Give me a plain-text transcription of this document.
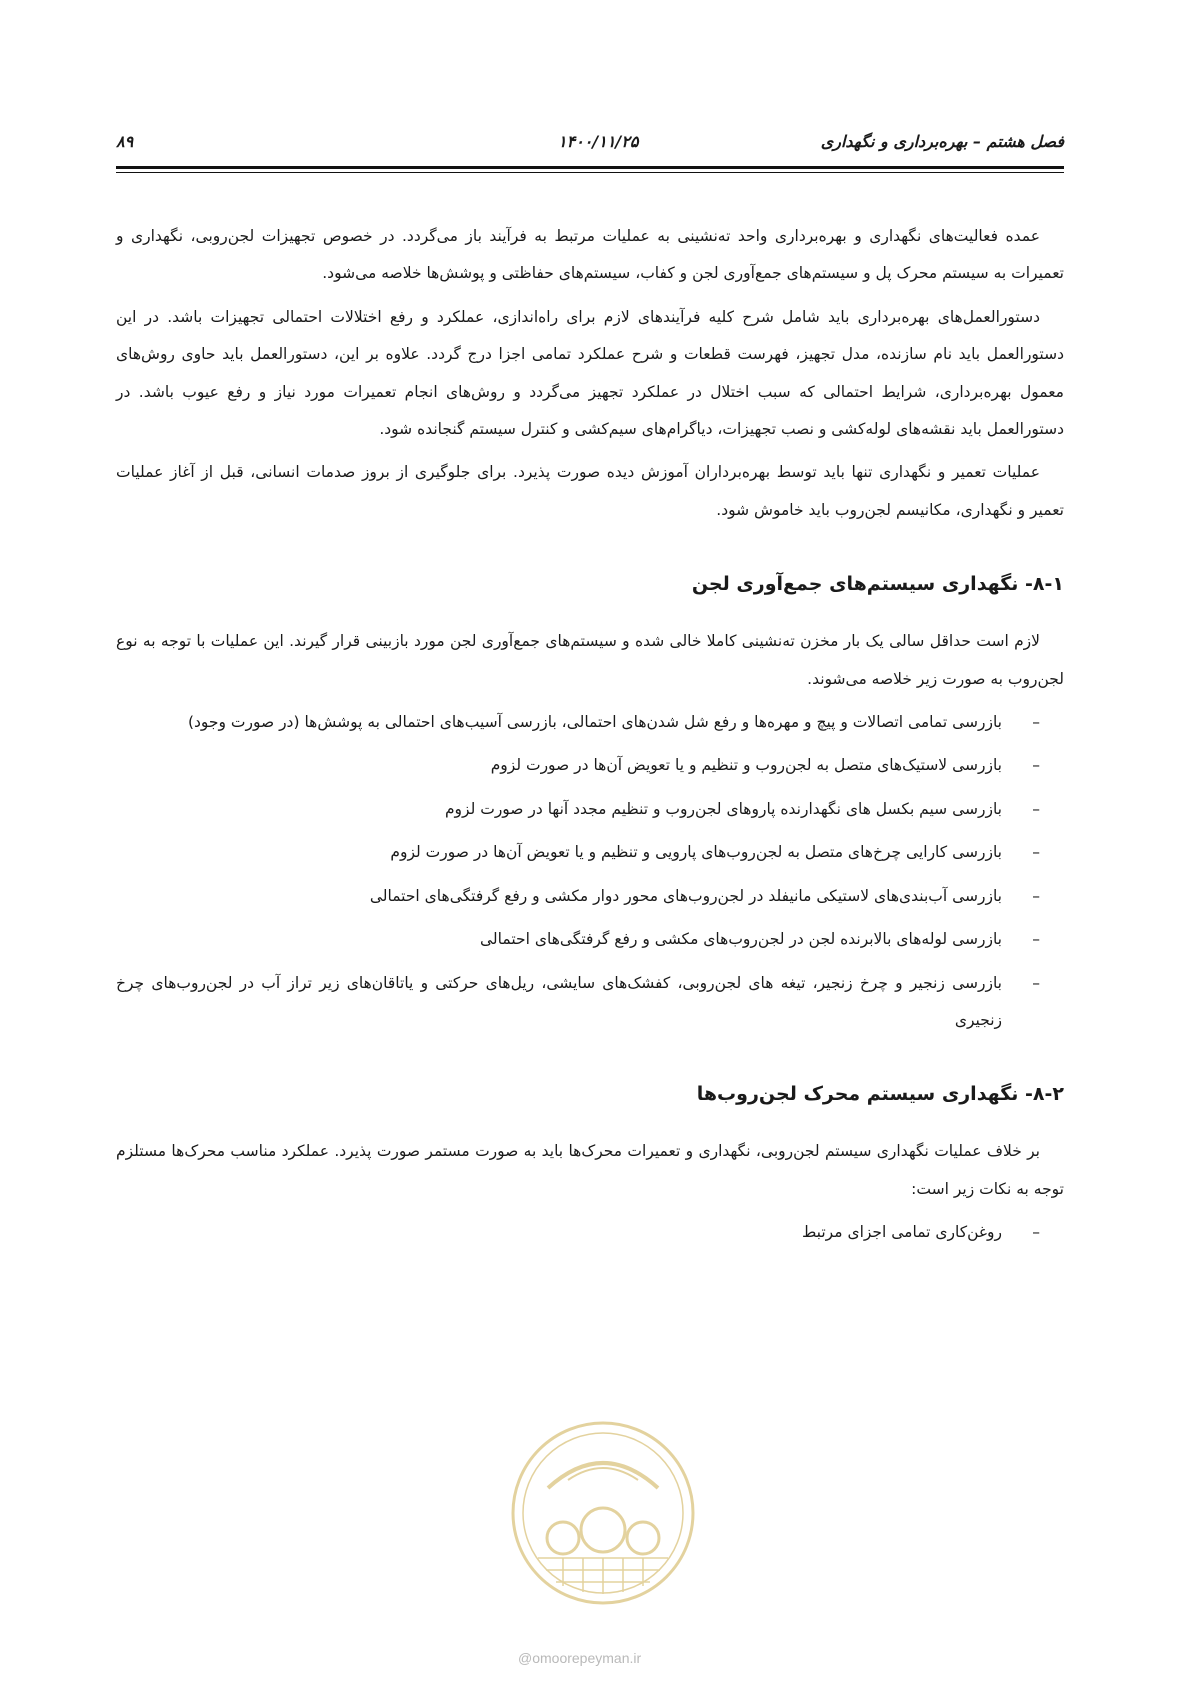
فصل هشتم – بهره‌برداری و نگهداری
۱۴۰۰/۱۱/۲۵
۸۹

عمده فعالیت‌های نگهداری و بهره‌برداری واحد ته‌نشینی به عملیات مرتبط به فرآیند باز می‌گردد. در خصوص تجهیزات لجن‌روبی، نگهداری و تعمیرات به سیستم محرک پل و سیستم‌های جمع‌آوری لجن و کفاب، سیستم‌های حفاظتی و پوشش‌ها خلاصه می‌شود.

دستورالعمل‌های بهره‌برداری باید شامل شرح کلیه فرآیندهای لازم برای راه‌اندازی، عملکرد و رفع اختلالات احتمالی تجهیزات باشد. در این دستورالعمل باید نام سازنده، مدل تجهیز، فهرست قطعات و شرح عملکرد تمامی اجزا درج گردد. علاوه بر این، دستورالعمل باید حاوی روش‌های معمول بهره‌برداری، شرایط احتمالی که سبب اختلال در عملکرد تجهیز می‌گردد و روش‌های انجام تعمیرات مورد نیاز و رفع عیوب باشد. در دستورالعمل باید نقشه‌های لوله‌کشی و نصب تجهیزات، دیاگرام‌های سیم‌کشی و کنترل سیستم گنجانده شود.

عملیات تعمیر و نگهداری تنها باید توسط بهره‌برداران آموزش دیده صورت پذیرد. برای جلوگیری از بروز صدمات انسانی، قبل از آغاز عملیات تعمیر و نگهداری، مکانیسم لجن‌روب باید خاموش شود.

۸-۱- نگهداری سیستم‌های جمع‌آوری لجن

لازم است حداقل سالی یک بار مخزن ته‌نشینی کاملا خالی شده و سیستم‌های جمع‌آوری لجن مورد بازبینی قرار گیرند. این عملیات با توجه به نوع لجن‌روب به صورت زیر خلاصه می‌شوند.

–
بازرسی تمامی اتصالات و پیچ و مهره‌ها و رفع شل شدن‌های احتمالی، بازرسی آسیب‌های احتمالی به پوشش‌ها (در صورت وجود)
–
بازرسی لاستیک‌های متصل به لجن‌روب و تنظیم و یا تعویض آن‌ها در صورت لزوم
–
بازرسی سیم بکسل های نگهدارنده پاروهای لجن‌روب و تنظیم مجدد آنها در صورت لزوم
–
بازرسی کارایی چرخ‌های متصل به لجن‌روب‌های پارویی و تنظیم و یا تعویض آن‌ها در صورت لزوم
–
بازرسی آب‌بندی‌های لاستیکی مانیفلد در لجن‌روب‌های محور دوار مکشی و رفع گرفتگی‌های احتمالی
–
بازرسی لوله‌های بالابرنده لجن در لجن‌روب‌های مکشی و رفع گرفتگی‌های احتمالی
–
بازرسی زنجیر و چرخ زنجیر، تیغه های لجن‌روبی، کفشک‌های سایشی، ریل‌های حرکتی و یاتاقان‌های زیر تراز آب در لجن‌روب‌های چرخ زنجیری
۸-۲- نگهداری سیستم محرک لجن‌روب‌ها

بر خلاف عملیات نگهداری سیستم لجن‌روبی، نگهداری و تعمیرات محرک‌ها باید به صورت مستمر صورت پذیرد. عملکرد مناسب محرک‌ها مستلزم توجه به نکات زیر است:

–
روغن‌کاری تمامی اجزای مرتبط
@omoorepeyman.ir
